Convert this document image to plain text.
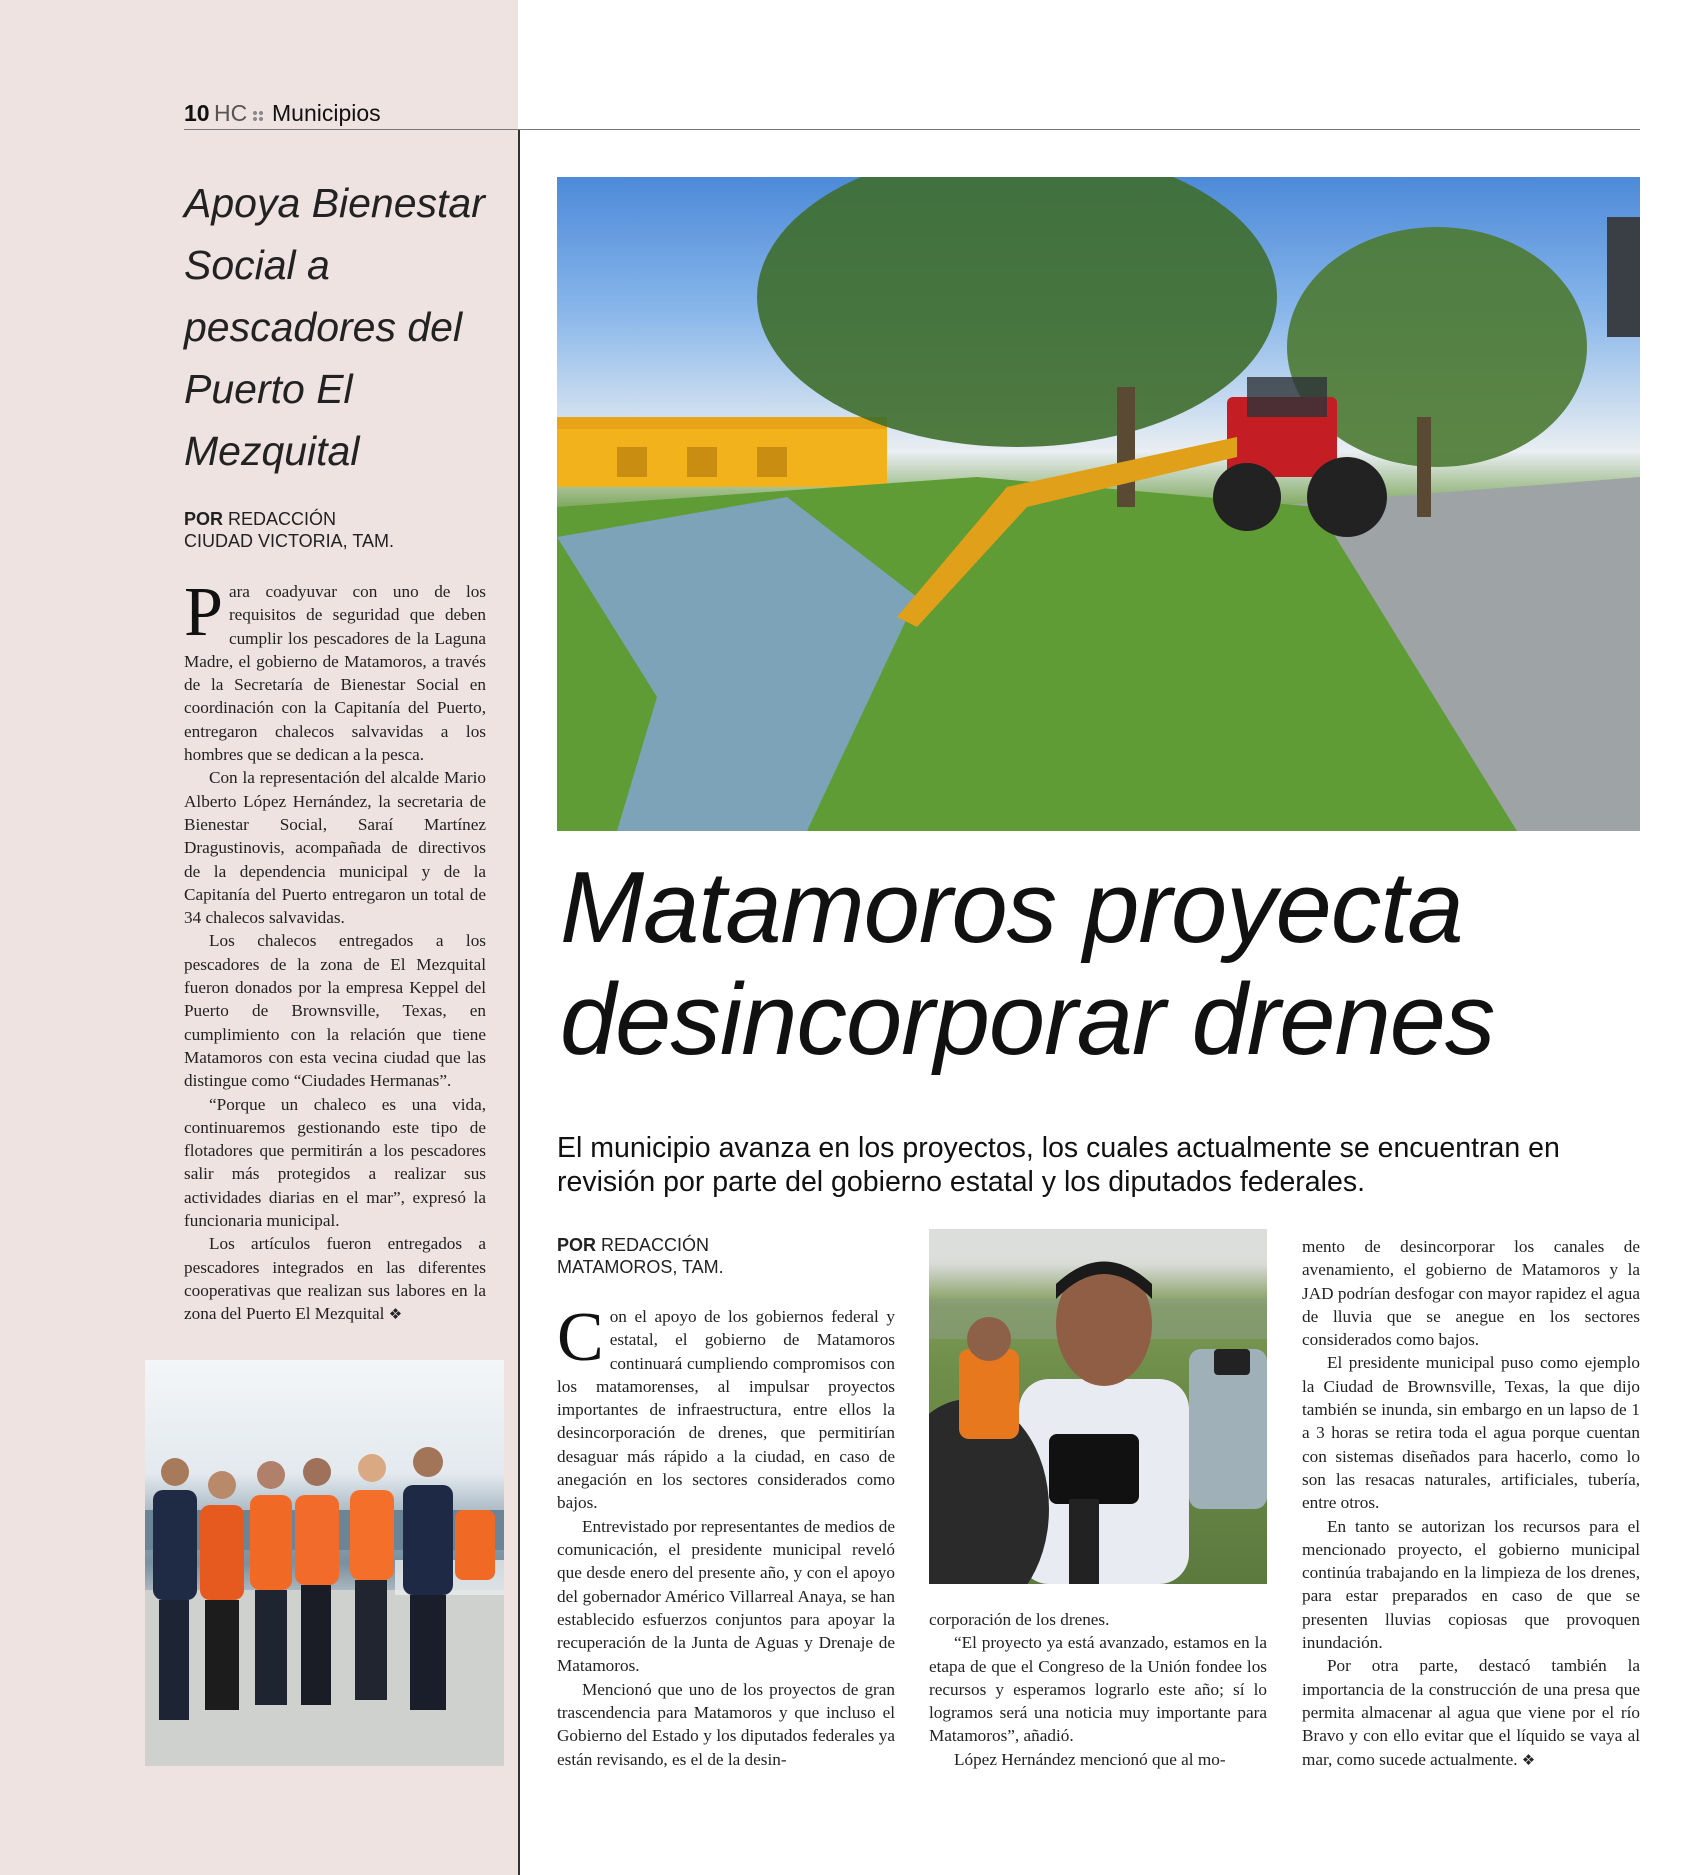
10 HC Municipios
Apoya Bienestar Social a pescadores del Puerto El Mezquital
POR REDACCIÓN
CIUDAD VICTORIA, TAM.

Para coadyuvar con uno de los requisitos de seguridad que deben cumplir los pescadores de la Laguna Madre, el gobierno de Matamoros, a través de la Secretaría de Bienestar Social en coordinación con la Capitanía del Puerto, entregaron chalecos salvavidas a los hombres que se dedican a la pesca.

Con la representación del alcalde Mario Alberto López Hernández, la secretaria de Bienestar Social, Saraí Martínez Dragustinovis, acompañada de directivos de la dependencia municipal y de la Capitanía del Puerto entregaron un total de 34 chalecos salvavidas.

Los chalecos entregados a los pescadores de la zona de El Mezquital fueron donados por la empresa Keppel del Puerto de Brownsville, Texas, en cumplimiento con la relación que tiene Matamoros con esta vecina ciudad que las distingue como “Ciudades Hermanas”.

“Porque un chaleco es una vida, continuaremos gestionando este tipo de flotadores que permitirán a los pescadores salir más protegidos a realizar sus actividades diarias en el mar”, expresó la funcionaria municipal.

Los artículos fueron entregados a pescadores integrados en las diferentes cooperativas que realizan sus labores en la zona del Puerto El Mezquital ❖

Matamoros proyecta
desincorporar drenes
El municipio avanza en los proyectos, los cuales actualmente se encuentran en revisión por parte del gobierno estatal y los diputados federales.
POR REDACCIÓN
MATAMOROS, TAM.

Con el apoyo de los gobiernos federal y estatal, el gobierno de Matamoros continuará cumpliendo compromisos con los matamorenses, al impulsar proyectos importantes de infraestructura, entre ellos la desincorporación de drenes, que permitirían desaguar más rápido a la ciudad, en caso de anegación en los sectores considerados como bajos.

Entrevistado por representantes de medios de comunicación, el presidente municipal reveló que desde enero del presente año, y con el apoyo del gobernador Américo Villarreal Anaya, se han establecido esfuerzos conjuntos para apoyar la recuperación de la Junta de Aguas y Drenaje de Matamoros.

Mencionó que uno de los proyectos de gran trascendencia para Matamoros y que incluso el Gobierno del Estado y los diputados federales ya están revisando, es el de la desin-

corporación de los drenes.

“El proyecto ya está avanzado, estamos en la etapa de que el Congreso de la Unión fondee los recursos y esperamos lograrlo este año; sí lo logramos será una noticia muy importante para Matamoros”, añadió.

López Hernández mencionó que al mo-

mento de desincorporar los canales de avenamiento, el gobierno de Matamoros y la JAD podrían desfogar con mayor rapidez el agua de lluvia que se anegue en los sectores considerados como bajos.

El presidente municipal puso como ejemplo la Ciudad de Brownsville, Texas, la que dijo también se inunda, sin embargo en un lapso de 1 a 3 horas se retira toda el agua porque cuentan con sistemas diseñados para hacerlo, como lo son las resacas naturales, artificiales, tubería, entre otros.

En tanto se autorizan los recursos para el mencionado proyecto, el gobierno municipal continúa trabajando en la limpieza de los drenes, para estar preparados en caso de que se presenten lluvias copiosas que provoquen inundación.

Por otra parte, destacó también la importancia de la construcción de una presa que permita almacenar al agua que viene por el río Bravo y con ello evitar que el líquido se vaya al mar, como sucede actualmente. ❖
